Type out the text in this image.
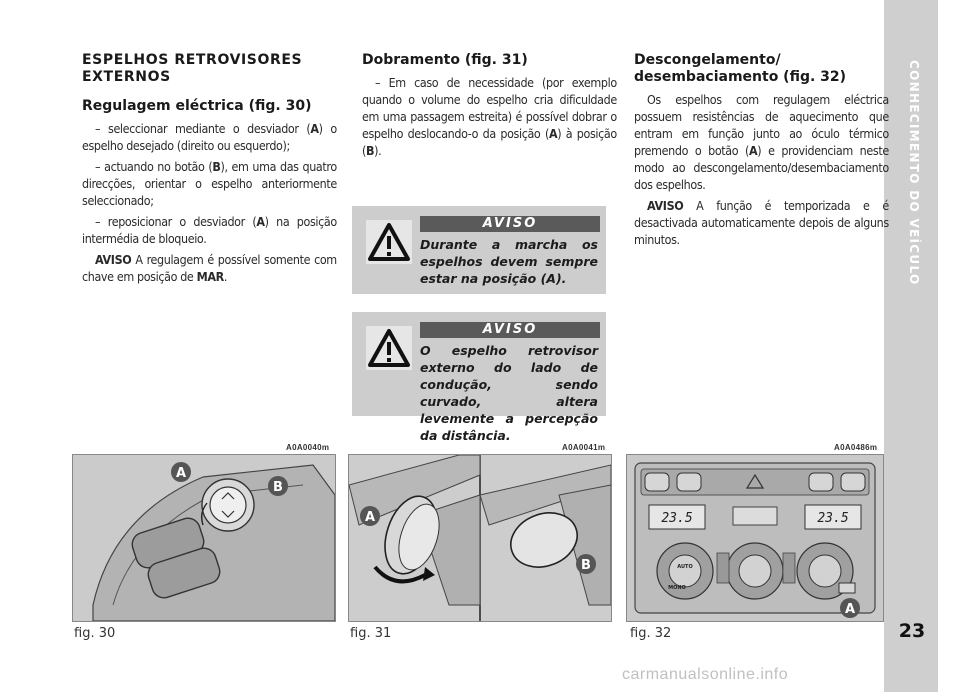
CONHECIMENTO DO VEÍCULO
23
ESPELHOS RETROVISORES EXTERNOS
Regulagem eléctrica (fig. 30)

– seleccionar mediante o desviador (A) o espelho desejado (direito ou esquerdo);

– actuando no botão (B), em uma das quatro direcções, orientar o espelho anteriormente seleccionado;

– reposicionar o desviador (A) na posição intermédia de bloqueio.

AVISO A regulagem é possível somente com chave em posição de MAR.

Dobramento (fig. 31)

– Em caso de necessidade (por exemplo quando o volume do espelho cria dificuldade em uma passagem estreita) é possível dobrar o espelho deslocando-o da posição (A) à posição (B).

AVISO
Durante a marcha os espelhos devem sempre estar na posição (A).
AVISO
O espelho retrovisor externo do lado de condução, sendo curvado, altera levemente a percepção da distância.
Descongelamento/ desembaciamento (fig. 32)

Os espelhos com regulagem eléctrica possuem resistências de aquecimento que entram em função junto ao óculo térmico premendo o botão (A) e providenciam neste modo ao descongelamento/desembaciamento dos espelhos.

AVISO A função é temporizada e é desactivada automaticamente depois de alguns minutos.

A0A0040m
A
B
fig. 30
A0A0041m
A
B
fig. 31
A0A0486m
23.5	23.5
AUTO
MONO
A
fig. 32
carmanualsonline.info
